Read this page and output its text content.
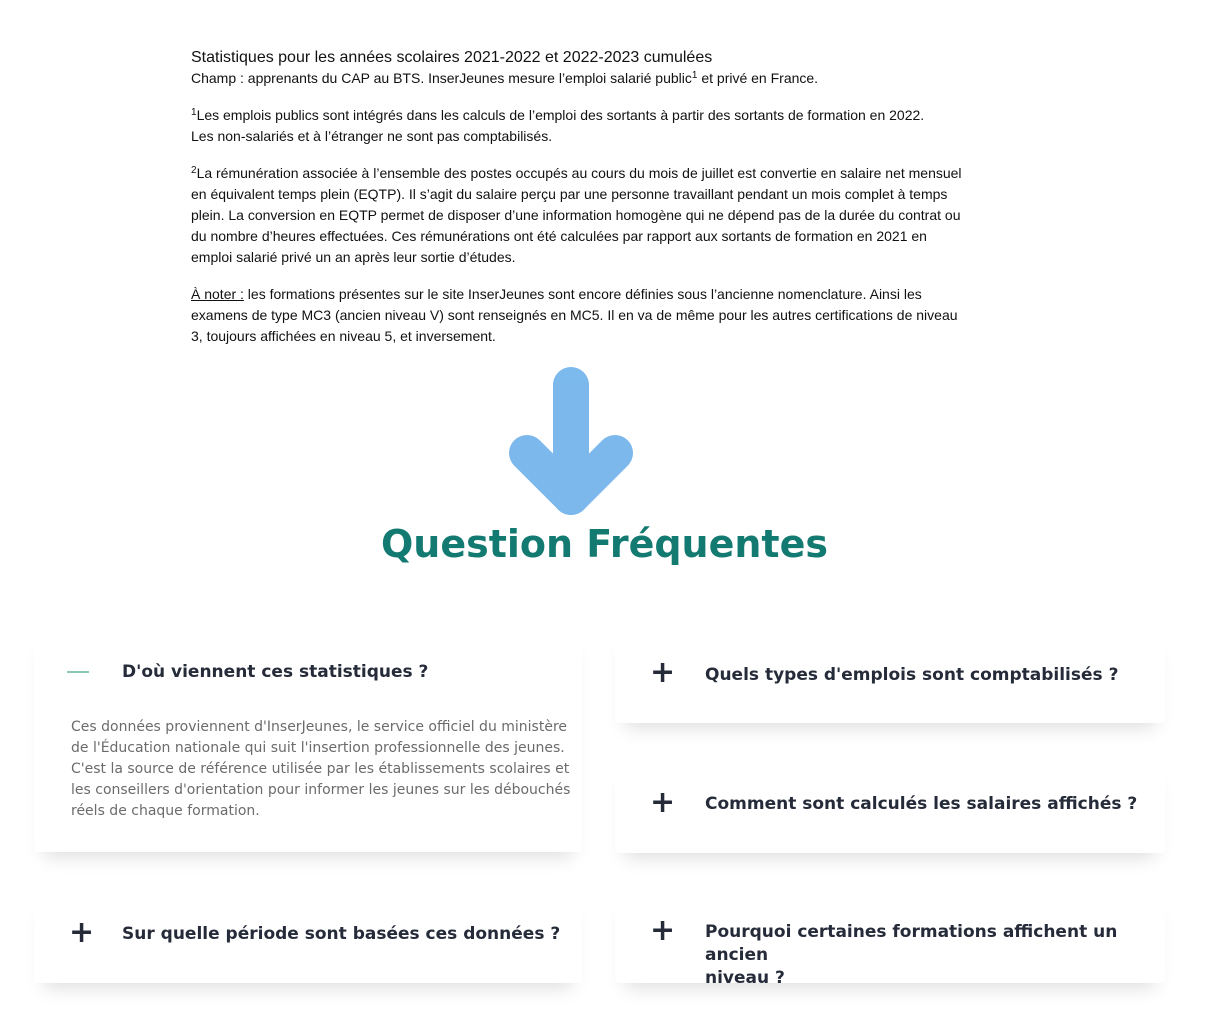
Statistiques pour les années scolaires 2021-2022 et 2022-2023 cumulées

Champ : apprenants du CAP au BTS. InserJeunes mesure l’emploi salarié public$^1$ et privé en France.

$^1$Les emplois publics sont intégrés dans les calculs de l’emploi des sortants à partir des sortants de formation en 2022.

Les non-salariés et à l’étranger ne sont pas comptabilisés.

$^2$La rémunération associée à l’ensemble des postes occupés au cours du mois de juillet est convertie en salaire net mensuel

en équivalent temps plein (EQTP). Il s’agit du salaire perçu par une personne travaillant pendant un mois complet à temps

plein. La conversion en EQTP permet de disposer d’une information homogène qui ne dépend pas de la durée du contrat ou

du nombre d’heures effectuées. Ces rémunérations ont été calculées par rapport aux sortants de formation en 2021 en

emploi salarié privé un an après leur sortie d’études.

À noter : les formations présentes sur le site InserJeunes sont encore définies sous l’ancienne nomenclature. Ainsi les

examens de type MC3 (ancien niveau V) sont renseignés en MC5. Il en va de même pour les autres certifications de niveau

3, toujours affichées en niveau 5, et inversement.

Question Fréquentes
D'où viennent ces statistiques ?
Ces données proviennent d'InserJeunes, le service officiel du ministère
de l'Éducation nationale qui suit l'insertion professionnelle des jeunes.
C'est la source de référence utilisée par les établissements scolaires et
les conseillers d'orientation pour informer les jeunes sur les débouchés
réels de chaque formation.
+ Quels types d'emplois sont comptabilisés ?
+ Comment sont calculés les salaires affichés ?
+ Sur quelle période sont basées ces données ?	+ Pourquoi certaines formations affichent un ancien
niveau ?
